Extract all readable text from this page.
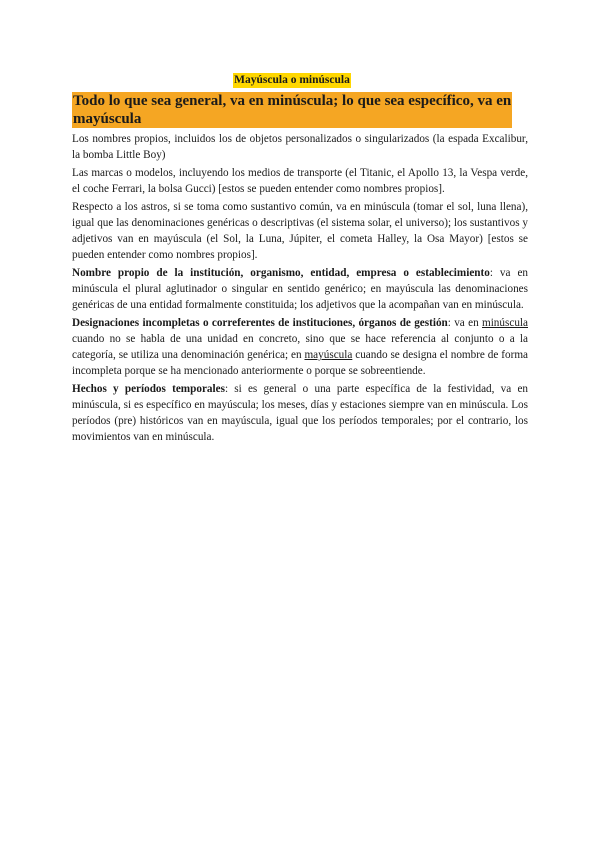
Mayúscula o minúscula
Todo lo que sea general, va en minúscula; lo que sea específico, va en
mayúscula

Los nombres propios, incluidos los de objetos personalizados o singularizados (la espada Excalibur, la bomba Little Boy)

Las marcas o modelos, incluyendo los medios de transporte (el Titanic, el Apollo 13, la Vespa verde, el coche Ferrari, la bolsa Gucci) [estos se pueden entender como nombres propios].

Respecto a los astros, si se toma como sustantivo común, va en minúscula (tomar el sol, luna llena), igual que las denominaciones genéricas o descriptivas (el sistema solar, el universo); los sustantivos y adjetivos van en mayúscula (el Sol, la Luna, Júpiter, el cometa Halley, la Osa Mayor) [estos se pueden entender como nombres propios].

Nombre propio de la institución, organismo, entidad, empresa o establecimiento: va en minúscula el plural aglutinador o singular en sentido genérico; en mayúscula las denominaciones genéricas de una entidad formalmente constituida; los adjetivos que la acompañan van en minúscula.

Designaciones incompletas o correferentes de instituciones, órganos de gestión: va en minúscula cuando no se habla de una unidad en concreto, sino que se hace referencia al conjunto o a la categoría, se utiliza una denominación genérica; en mayúscula cuando se designa el nombre de forma incompleta porque se ha mencionado anteriormente o porque se sobreentiende.

Hechos y períodos temporales: si es general o una parte específica de la festividad, va en minúscula, si es específico en mayúscula; los meses, días y estaciones siempre van en minúscula. Los períodos (pre) históricos van en mayúscula, igual que los períodos temporales; por el contrario, los movimientos van en minúscula.
